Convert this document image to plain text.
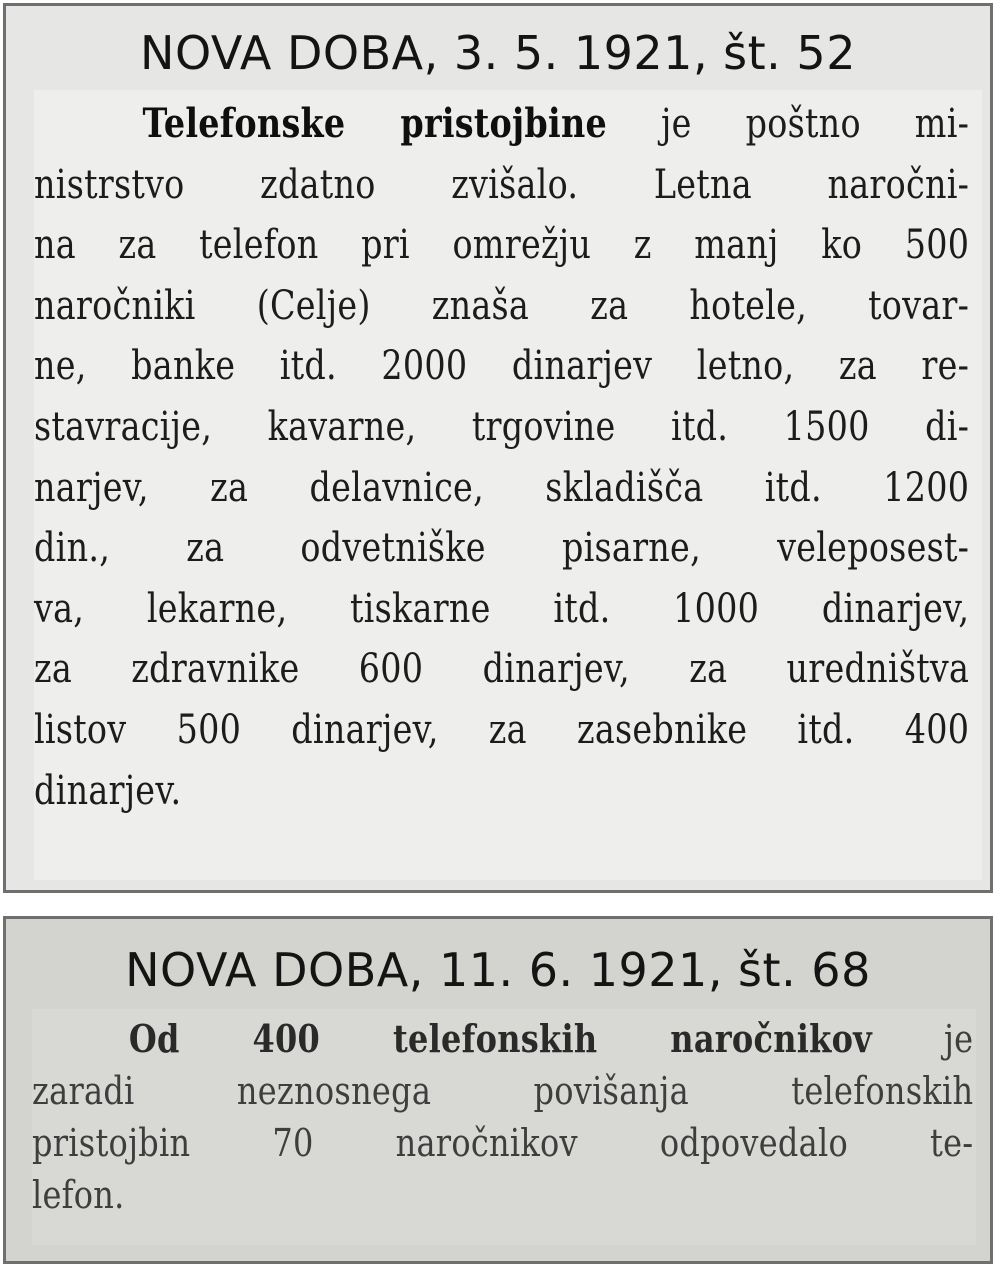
NOVA DOBA, 3. 5. 1921, št. 52
Telefonske pristojbine je poštno mi-
nistrstvo zdatno zvišalo. Letna naročni-
na za telefon pri omrežju z manj ko 500
naročniki (Celje) znaša za hotele, tovar-
ne, banke itd. 2000 dinarjev letno, za re-
stavracije, kavarne, trgovine itd. 1500 di-
narjev, za delavnice, skladišča itd. 1200
din., za odvetniške pisarne, veleposest-
va, lekarne, tiskarne itd. 1000 dinarjev,
za zdravnike 600 dinarjev, za uredništva
listov 500 dinarjev, za zasebnike itd. 400
dinarjev.
NOVA DOBA, 11. 6. 1921, št. 68
Od 400 telefonskih naročnikov je
zaradi neznosnega povišanja telefonskih
pristojbin 70 naročnikov odpovedalo te-
lefon.
